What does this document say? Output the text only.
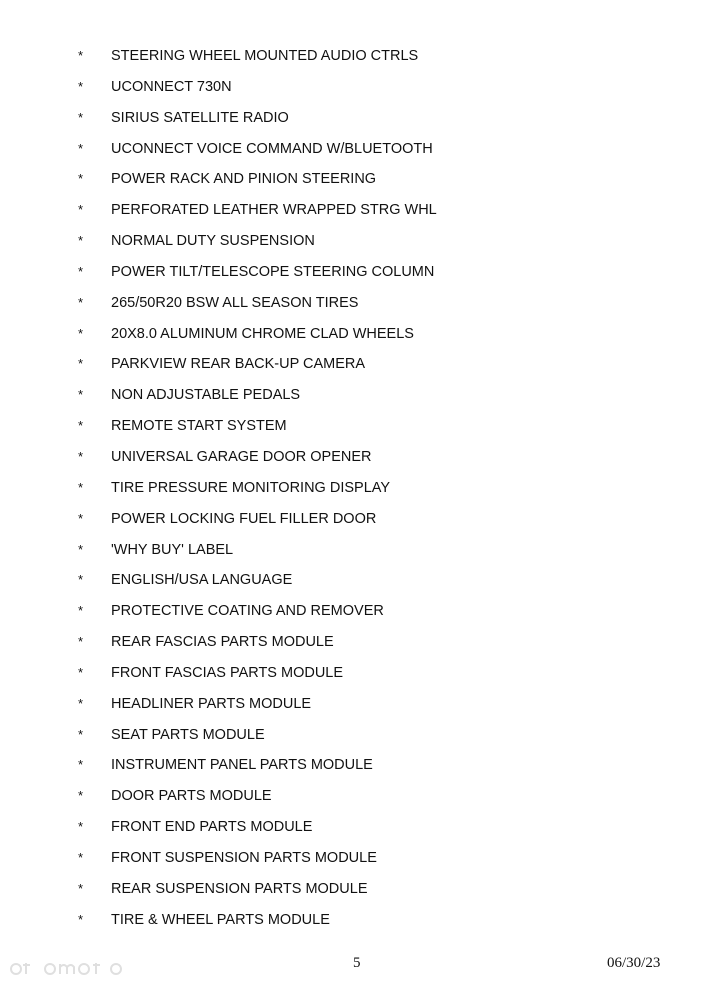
* STEERING WHEEL MOUNTED AUDIO CTRLS
* UCONNECT 730N
* SIRIUS SATELLITE RADIO
* UCONNECT VOICE COMMAND W/BLUETOOTH
* POWER RACK AND PINION STEERING
* PERFORATED LEATHER WRAPPED STRG WHL
* NORMAL DUTY SUSPENSION
* POWER TILT/TELESCOPE STEERING COLUMN
* 265/50R20 BSW ALL SEASON TIRES
* 20X8.0 ALUMINUM CHROME CLAD WHEELS
* PARKVIEW REAR BACK-UP CAMERA
* NON ADJUSTABLE PEDALS
* REMOTE START SYSTEM
* UNIVERSAL GARAGE DOOR OPENER
* TIRE PRESSURE MONITORING DISPLAY
* POWER LOCKING FUEL FILLER DOOR
* 'WHY BUY' LABEL
* ENGLISH/USA LANGUAGE
* PROTECTIVE COATING AND REMOVER
* REAR FASCIAS PARTS MODULE
* FRONT FASCIAS PARTS MODULE
* HEADLINER PARTS MODULE
* SEAT PARTS MODULE
* INSTRUMENT PANEL PARTS MODULE
* DOOR PARTS MODULE
* FRONT END PARTS MODULE
* FRONT SUSPENSION PARTS MODULE
* REAR SUSPENSION PARTS MODULE
* TIRE & WHEEL PARTS MODULE
5	06/30/23
